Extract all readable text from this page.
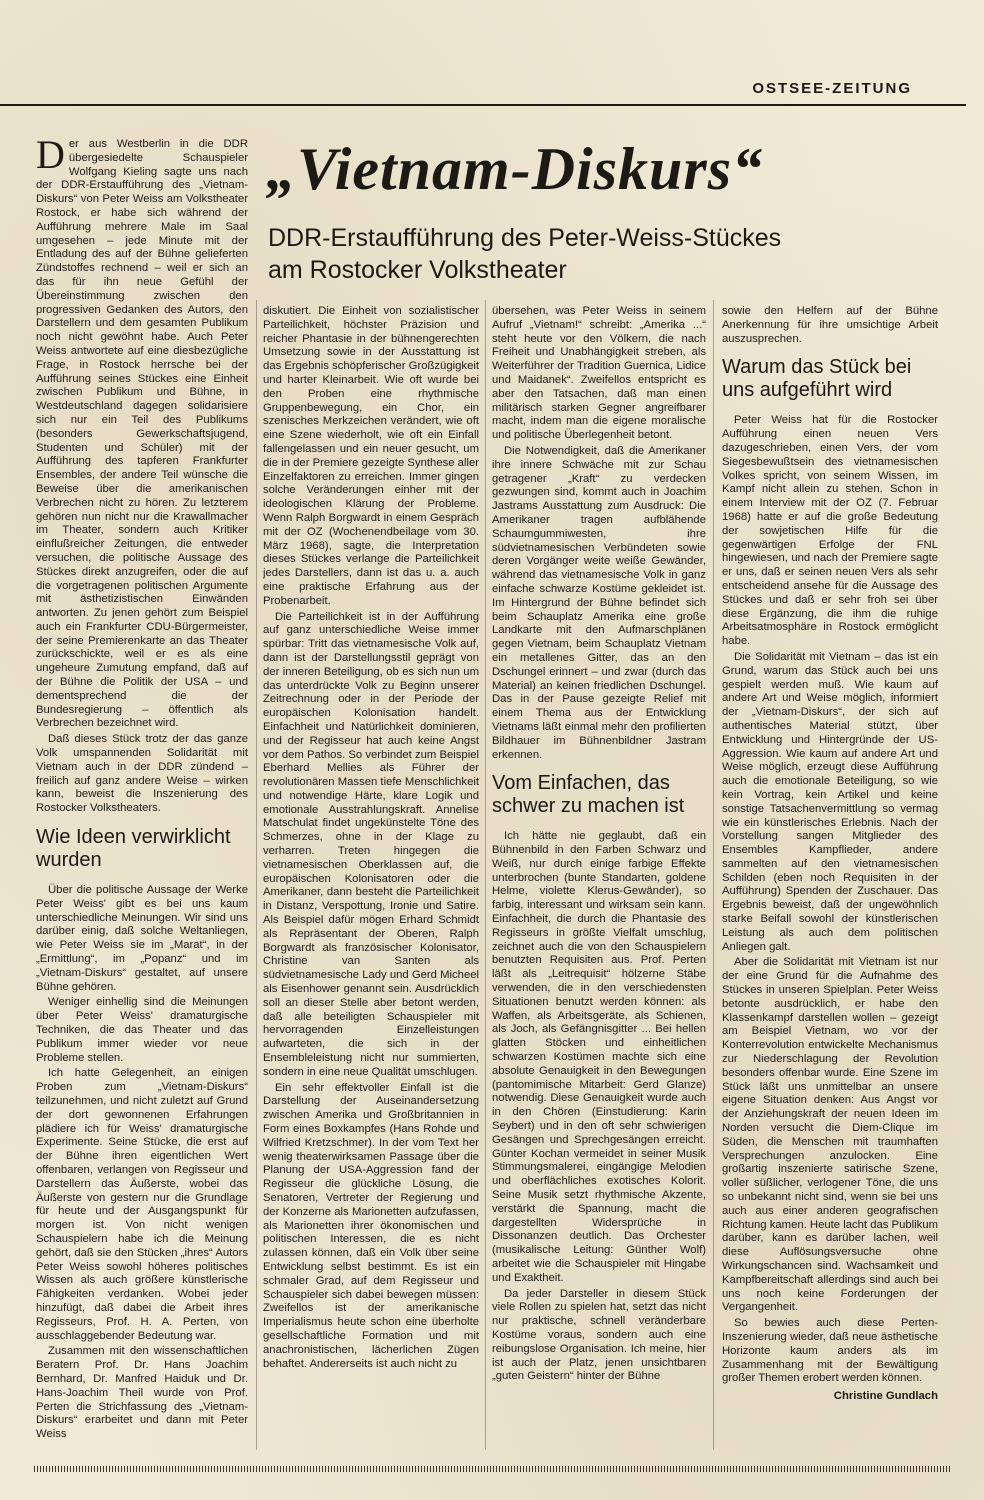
OSTSEE-ZEITUNG
„Vietnam-Diskurs“
DDR-Erstaufführung des Peter-Weiss-Stückes
am Rostocker Volkstheater

Der aus Westberlin in die DDR übergesiedelte Schauspieler Wolfgang Kieling sagte uns nach der DDR-Erstaufführung des „Vietnam-Diskurs“ von Peter Weiss am Volkstheater Rostock, er habe sich während der Aufführung mehrere Male im Saal umgesehen – jede Minute mit der Entladung des auf der Bühne gelieferten Zündstoffes rechnend – weil er sich an das für ihn neue Gefühl der Übereinstimmung zwischen den progressiven Gedanken des Autors, den Darstellern und dem gesamten Publikum noch nicht gewöhnt habe. Auch Peter Weiss antwortete auf eine diesbezügliche Frage, in Rostock herrsche bei der Aufführung seines Stückes eine Einheit zwischen Publikum und Bühne, in Westdeutschland dagegen solidarisiere sich nur ein Teil des Publikums (besonders Gewerkschaftsjugend, Studenten und Schüler) mit der Aufführung des tapferen Frankfurter Ensembles, der andere Teil wünsche die Beweise über die amerikanischen Verbrechen nicht zu hören. Zu letzterem gehören nun nicht nur die Krawallmacher im Theater, sondern auch Kritiker einflußreicher Zeitungen, die entweder versuchen, die politische Aussage des Stückes direkt anzugreifen, oder die auf die vorgetragenen politischen Argumente mit ästhetizistischen Einwänden antworten. Zu jenen gehört zum Beispiel auch ein Frankfurter CDU-Bürgermeister, der seine Premierenkarte an das Theater zurückschickte, weil er es als eine ungeheure Zumutung empfand, daß auf der Bühne die Politik der USA – und dementsprechend die der Bundesregierung – öffentlich als Verbrechen bezeichnet wird.

Daß dieses Stück trotz der das ganze Volk umspannenden Solidarität mit Vietnam auch in der DDR zündend – freilich auf ganz andere Weise – wirken kann, beweist die Inszenierung des Rostocker Volkstheaters.

Wie Ideen verwirklicht wurden

Über die politische Aussage der Werke Peter Weiss' gibt es bei uns kaum unterschiedliche Meinungen. Wir sind uns darüber einig, daß solche Weltanliegen, wie Peter Weiss sie im „Marat“, in der „Ermittlung“, im „Popanz“ und im „Vietnam-Diskurs“ gestaltet, auf unsere Bühne gehören.

Weniger einhellig sind die Meinungen über Peter Weiss' dramaturgische Techniken, die das Theater und das Publikum immer wieder vor neue Probleme stellen.

Ich hatte Gelegenheit, an einigen Proben zum „Vietnam-Diskurs“ teilzunehmen, und nicht zuletzt auf Grund der dort gewonnenen Erfahrungen plädiere ich für Weiss' dramaturgische Experimente. Seine Stücke, die erst auf der Bühne ihren eigentlichen Wert offenbaren, verlangen von Regisseur und Darstellern das Äußerste, wobei das Äußerste von gestern nur die Grundlage für heute und der Ausgangspunkt für morgen ist. Von nicht wenigen Schauspielern habe ich die Meinung gehört, daß sie den Stücken „ihres“ Autors Peter Weiss sowohl höheres politisches Wissen als auch größere künstlerische Fähigkeiten verdanken. Wobei jeder hinzufügt, daß dabei die Arbeit ihres Regisseurs, Prof. H. A. Perten, von ausschlaggebender Bedeutung war.

Zusammen mit den wissenschaftlichen Beratern Prof. Dr. Hans Joachim Bernhard, Dr. Manfred Haiduk und Dr. Hans-Joachim Theil wurde von Prof. Perten die Strichfassung des „Vietnam-Diskurs“ erarbeitet und dann mit Peter Weiss

diskutiert. Die Einheit von sozialistischer Parteilichkeit, höchster Präzision und reicher Phantasie in der bühnengerechten Umsetzung sowie in der Ausstattung ist das Ergebnis schöpferischer Großzügigkeit und harter Kleinarbeit. Wie oft wurde bei den Proben eine rhythmische Gruppenbewegung, ein Chor, ein szenisches Merkzeichen verändert, wie oft eine Szene wiederholt, wie oft ein Einfall fallengelassen und ein neuer gesucht, um die in der Premiere gezeigte Synthese aller Einzelfaktoren zu erreichen. Immer gingen solche Veränderungen einher mit der ideologischen Klärung der Probleme. Wenn Ralph Borgwardt in einem Gespräch mit der OZ (Wochenendbeilage vom 30. März 1968), sagte, die Interpretation dieses Stückes verlange die Parteilichkeit jedes Darstellers, dann ist das u. a. auch eine praktische Erfahrung aus der Probenarbeit.

Die Parteilichkeit ist in der Aufführung auf ganz unterschiedliche Weise immer spürbar: Tritt das vietnamesische Volk auf, dann ist der Darstellungsstil geprägt von der inneren Beteiligung, ob es sich nun um das unterdrückte Volk zu Beginn unserer Zeitrechnung oder in der Periode der europäischen Kolonisation handelt. Einfachheit und Natürlichkeit dominieren, und der Regisseur hat auch keine Angst vor dem Pathos. So verbindet zum Beispiel Eberhard Mellies als Führer der revolutionären Massen tiefe Menschlichkeit und notwendige Härte, klare Logik und emotionale Ausstrahlungskraft. Annelise Matschulat findet ungekünstelte Töne des Schmerzes, ohne in der Klage zu verharren. Treten hingegen die vietnamesischen Oberklassen auf, die europäischen Kolonisatoren oder die Amerikaner, dann besteht die Parteilichkeit in Distanz, Verspottung, Ironie und Satire. Als Beispiel dafür mögen Erhard Schmidt als Repräsentant der Oberen, Ralph Borgwardt als französischer Kolonisator, Christine van Santen als südvietnamesische Lady und Gerd Micheel als Eisenhower genannt sein. Ausdrücklich soll an dieser Stelle aber betont werden, daß alle beteiligten Schauspieler mit hervorragenden Einzelleistungen aufwarteten, die sich in der Ensembleleistung nicht nur summierten, sondern in eine neue Qualität umschlugen.

Ein sehr effektvoller Einfall ist die Darstellung der Auseinandersetzung zwischen Amerika und Großbritannien in Form eines Boxkampfes (Hans Rohde und Wilfried Kretzschmer). In der vom Text her wenig theaterwirksamen Passage über die Planung der USA-Aggression fand der Regisseur die glückliche Lösung, die Senatoren, Vertreter der Regierung und der Konzerne als Marionetten aufzufassen, als Marionetten ihrer ökonomischen und politischen Interessen, die es nicht zulassen können, daß ein Volk über seine Entwicklung selbst bestimmt. Es ist ein schmaler Grad, auf dem Regisseur und Schauspieler sich dabei bewegen müssen: Zweifellos ist der amerikanische Imperialismus heute schon eine überholte gesellschaftliche Formation und mit anachronistischen, lächerlichen Zügen behaftet. Andererseits ist auch nicht zu

übersehen, was Peter Weiss in seinem Aufruf „Vietnam!“ schreibt: „Amerika ...“ steht heute vor den Völkern, die nach Freiheit und Unabhängigkeit streben, als Weiterführer der Tradition Guernica, Lidice und Maidanek“. Zweifellos entspricht es aber den Tatsachen, daß man einen militärisch starken Gegner angreifbarer macht, indem man die eigene moralische und politische Überlegenheit betont.

Die Notwendigkeit, daß die Amerikaner ihre innere Schwäche mit zur Schau getragener „Kraft“ zu verdecken gezwungen sind, kommt auch in Joachim Jastrams Ausstattung zum Ausdruck: Die Amerikaner tragen aufblähende Schaumgummiwesten, ihre südvietnamesischen Verbündeten sowie deren Vorgänger weite weiße Gewänder, während das vietnamesische Volk in ganz einfache schwarze Kostüme gekleidet ist. Im Hintergrund der Bühne befindet sich beim Schauplatz Amerika eine große Landkarte mit den Aufmarschplänen gegen Vietnam, beim Schauplatz Vietnam ein metallenes Gitter, das an den Dschungel erinnert – und zwar (durch das Material) an keinen friedlichen Dschungel. Das in der Pause gezeigte Relief mit einem Thema aus der Entwicklung Vietnams läßt einmal mehr den profilierten Bildhauer im Bühnenbildner Jastram erkennen.

Vom Einfachen, das schwer zu machen ist

Ich hätte nie geglaubt, daß ein Bühnenbild in den Farben Schwarz und Weiß, nur durch einige farbige Effekte unterbrochen (bunte Standarten, goldene Helme, violette Klerus-Gewänder), so farbig, interessant und wirksam sein kann. Einfachheit, die durch die Phantasie des Regisseurs in größte Vielfalt umschlug, zeichnet auch die von den Schauspielern benutzten Requisiten aus. Prof. Perten läßt als „Leitrequisit“ hölzerne Stäbe verwenden, die in den verschiedensten Situationen benutzt werden können: als Waffen, als Arbeitsgeräte, als Schienen, als Joch, als Gefängnisgitter ... Bei hellen glatten Stöcken und einheitlichen schwarzen Kostümen machte sich eine absolute Genauigkeit in den Bewegungen (pantomimische Mitarbeit: Gerd Glanze) notwendig. Diese Genauigkeit wurde auch in den Chören (Einstudierung: Karin Seybert) und in den oft sehr schwierigen Gesängen und Sprechgesängen erreicht. Günter Kochan vermeidet in seiner Musik Stimmungsmalerei, eingängige Melodien und oberflächliches exotisches Kolorit. Seine Musik setzt rhythmische Akzente, verstärkt die Spannung, macht die dargestellten Widersprüche in Dissonanzen deutlich. Das Orchester (musikalische Leitung: Günther Wolf) arbeitet wie die Schauspieler mit Hingabe und Exaktheit.

Da jeder Darsteller in diesem Stück viele Rollen zu spielen hat, setzt das nicht nur praktische, schnell veränderbare Kostüme voraus, sondern auch eine reibungslose Organisation. Ich meine, hier ist auch der Platz, jenen unsichtbaren „guten Geistern“ hinter der Bühne

sowie den Helfern auf der Bühne Anerkennung für ihre umsichtige Arbeit auszusprechen.

Warum das Stück bei uns aufgeführt wird

Peter Weiss hat für die Rostocker Aufführung einen neuen Vers dazugeschrieben, einen Vers, der vom Siegesbewußtsein des vietnamesischen Volkes spricht, von seinem Wissen, im Kampf nicht allein zu stehen. Schon in einem Interview mit der OZ (7. Februar 1968) hatte er auf die große Bedeutung der sowjetischen Hilfe für die gegenwärtigen Erfolge der FNL hingewiesen, und nach der Premiere sagte er uns, daß er seinen neuen Vers als sehr entscheidend ansehe für die Aussage des Stückes und daß er sehr froh sei über diese Ergänzung, die ihm die ruhige Arbeitsatmosphäre in Rostock ermöglicht habe.

Die Solidarität mit Vietnam – das ist ein Grund, warum das Stück auch bei uns gespielt werden muß. Wie kaum auf andere Art und Weise möglich, informiert der „Vietnam-Diskurs“, der sich auf authentisches Material stützt, über Entwicklung und Hintergründe der US-Aggression. Wie kaum auf andere Art und Weise möglich, erzeugt diese Aufführung auch die emotionale Beteiligung, so wie kein Vortrag, kein Artikel und keine sonstige Tatsachenvermittlung so vermag wie ein künstlerisches Erlebnis. Nach der Vorstellung sangen Mitglieder des Ensembles Kampflieder, andere sammelten auf den vietnamesischen Schilden (eben noch Requisiten in der Aufführung) Spenden der Zuschauer. Das Ergebnis beweist, daß der ungewöhnlich starke Beifall sowohl der künstlerischen Leistung als auch dem politischen Anliegen galt.

Aber die Solidarität mit Vietnam ist nur der eine Grund für die Aufnahme des Stückes in unseren Spielplan. Peter Weiss betonte ausdrücklich, er habe den Klassenkampf darstellen wollen – gezeigt am Beispiel Vietnam, wo vor der Konterrevolution entwickelte Mechanismus zur Niederschlagung der Revolution besonders offenbar wurde. Eine Szene im Stück läßt uns unmittelbar an unsere eigene Situation denken: Aus Angst vor der Anziehungskraft der neuen Ideen im Norden versucht die Diem-Clique im Süden, die Menschen mit traumhaften Versprechungen anzulocken. Eine großartig inszenierte satirische Szene, voller süßlicher, verlogener Töne, die uns so unbekannt nicht sind, wenn sie bei uns auch aus einer anderen geografischen Richtung kamen. Heute lacht das Publikum darüber, kann es darüber lachen, weil diese Auflösungsversuche ohne Wirkungschancen sind. Wachsamkeit und Kampfbereitschaft allerdings sind auch bei uns noch keine Forderungen der Vergangenheit.

So bewies auch diese Perten-Inszenierung wieder, daß neue ästhetische Horizonte kaum anders als im Zusammenhang mit der Bewältigung großer Themen erobert werden können.

Christine Gundlach
